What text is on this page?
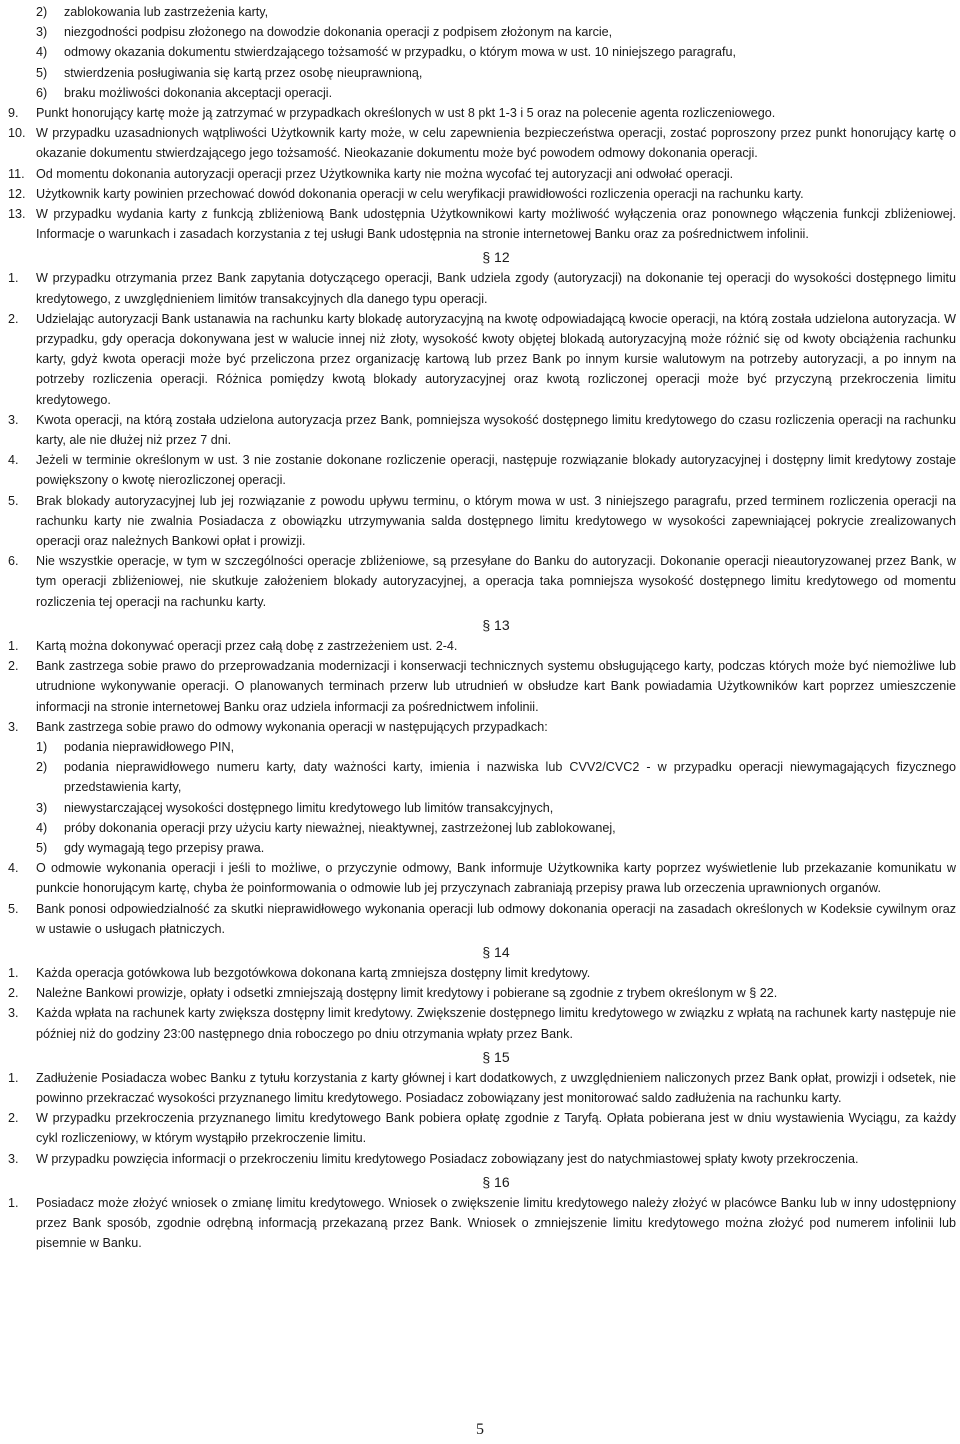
2) zablokowania lub zastrzeżenia karty,
3) niezgodności podpisu złożonego na dowodzie dokonania operacji z podpisem złożonym na karcie,
4) odmowy okazania dokumentu stwierdzającego tożsamość w przypadku, o którym mowa w ust. 10 niniejszego paragrafu,
5) stwierdzenia posługiwania się kartą przez osobę nieuprawnioną,
6) braku możliwości dokonania akceptacji operacji.
9. Punkt honorujący kartę może ją zatrzymać w przypadkach określonych w ust 8 pkt 1-3 i 5 oraz na polecenie agenta rozliczeniowego.
10. W przypadku uzasadnionych wątpliwości Użytkownik karty może, w celu zapewnienia bezpieczeństwa operacji, zostać poproszony przez punkt honorujący kartę o okazanie dokumentu stwierdzającego jego tożsamość. Nieokazanie dokumentu może być powodem odmowy dokonania operacji.
11. Od momentu dokonania autoryzacji operacji przez Użytkownika karty nie można wycofać tej autoryzacji ani odwołać operacji.
12. Użytkownik karty powinien przechować dowód dokonania operacji w celu weryfikacji prawidłowości rozliczenia operacji na rachunku karty.
13. W przypadku wydania karty z funkcją zbliżeniową Bank udostępnia Użytkownikowi karty możliwość wyłączenia oraz ponownego włączenia funkcji zbliżeniowej. Informacje o warunkach i zasadach korzystania z tej usługi Bank udostępnia na stronie internetowej Banku oraz za pośrednictwem infolinii.
§ 12
1. W przypadku otrzymania przez Bank zapytania dotyczącego operacji, Bank udziela zgody (autoryzacji) na dokonanie tej operacji do wysokości dostępnego limitu kredytowego, z uwzględnieniem limitów transakcyjnych dla danego typu operacji.
2. Udzielając autoryzacji Bank ustanawia na rachunku karty blokadę autoryzacyjną na kwotę odpowiadającą kwocie operacji, na którą została udzielona autoryzacja. W przypadku, gdy operacja dokonywana jest w walucie innej niż złoty, wysokość kwoty objętej blokadą autoryzacyjną może różnić się od kwoty obciążenia rachunku karty, gdyż kwota operacji może być przeliczona przez organizację kartową lub przez Bank po innym kursie walutowym na potrzeby autoryzacji, a po innym na potrzeby rozliczenia operacji. Różnica pomiędzy kwotą blokady autoryzacyjnej oraz kwotą rozliczonej operacji może być przyczyną przekroczenia limitu kredytowego.
3. Kwota operacji, na którą została udzielona autoryzacja przez Bank, pomniejsza wysokość dostępnego limitu kredytowego do czasu rozliczenia operacji na rachunku karty, ale nie dłużej niż przez 7 dni.
4. Jeżeli w terminie określonym w ust. 3 nie zostanie dokonane rozliczenie operacji, następuje rozwiązanie blokady autoryzacyjnej i dostępny limit kredytowy zostaje powiększony o kwotę nierozliczonej operacji.
5. Brak blokady autoryzacyjnej lub jej rozwiązanie z powodu upływu terminu, o którym mowa w ust. 3 niniejszego paragrafu, przed terminem rozliczenia operacji na rachunku karty nie zwalnia Posiadacza z obowiązku utrzymywania salda dostępnego limitu kredytowego w wysokości zapewniającej pokrycie zrealizowanych operacji oraz należnych Bankowi opłat i prowizji.
6. Nie wszystkie operacje, w tym w szczególności operacje zbliżeniowe, są przesyłane do Banku do autoryzacji. Dokonanie operacji nieautoryzowanej przez Bank, w tym operacji zbliżeniowej, nie skutkuje założeniem blokady autoryzacyjnej, a operacja taka pomniejsza wysokość dostępnego limitu kredytowego od momentu rozliczenia tej operacji na rachunku karty.
§ 13
1. Kartą można dokonywać operacji przez całą dobę z zastrzeżeniem ust. 2-4.
2. Bank zastrzega sobie prawo do przeprowadzania modernizacji i konserwacji technicznych systemu obsługującego karty, podczas których może być niemożliwe lub utrudnione wykonywanie operacji. O planowanych terminach przerw lub utrudnień w obsłudze kart Bank powiadamia Użytkowników kart poprzez umieszczenie informacji na stronie internetowej Banku oraz udziela informacji za pośrednictwem infolinii.
3. Bank zastrzega sobie prawo do odmowy wykonania operacji w następujących przypadkach:
1) podania nieprawidłowego PIN,
2) podania nieprawidłowego numeru karty, daty ważności karty, imienia i nazwiska lub CVV2/CVC2 - w przypadku operacji niewymagających fizycznego przedstawienia karty,
3) niewystarczającej wysokości dostępnego limitu kredytowego lub limitów transakcyjnych,
4) próby dokonania operacji przy użyciu karty nieważnej, nieaktywnej, zastrzeżonej lub zablokowanej,
5) gdy wymagają tego przepisy prawa.
4. O odmowie wykonania operacji i jeśli to możliwe, o przyczynie odmowy, Bank informuje Użytkownika karty poprzez wyświetlenie lub przekazanie komunikatu w punkcie honorującym kartę, chyba że poinformowania o odmowie lub jej przyczynach zabraniają przepisy prawa lub orzeczenia uprawnionych organów.
5. Bank ponosi odpowiedzialność za skutki nieprawidłowego wykonania operacji lub odmowy dokonania operacji na zasadach określonych w Kodeksie cywilnym oraz w ustawie o usługach płatniczych.
§ 14
1. Każda operacja gotówkowa lub bezgotówkowa dokonana kartą zmniejsza dostępny limit kredytowy.
2. Należne Bankowi prowizje, opłaty i odsetki zmniejszają dostępny limit kredytowy i pobierane są zgodnie z trybem określonym w § 22.
3. Każda wpłata na rachunek karty zwiększa dostępny limit kredytowy. Zwiększenie dostępnego limitu kredytowego w związku z wpłatą na rachunek karty następuje nie później niż do godziny 23:00 następnego dnia roboczego po dniu otrzymania wpłaty przez Bank.
§ 15
1. Zadłużenie Posiadacza wobec Banku z tytułu korzystania z karty głównej i kart dodatkowych, z uwzględnieniem naliczonych przez Bank opłat, prowizji i odsetek, nie powinno przekraczać wysokości przyznanego limitu kredytowego. Posiadacz zobowiązany jest monitorować saldo zadłużenia na rachunku karty.
2. W przypadku przekroczenia przyznanego limitu kredytowego Bank pobiera opłatę zgodnie z Taryfą. Opłata pobierana jest w dniu wystawienia Wyciągu, za każdy cykl rozliczeniowy, w którym wystąpiło przekroczenie limitu.
3. W przypadku powzięcia informacji o przekroczeniu limitu kredytowego Posiadacz zobowiązany jest do natychmiastowej spłaty kwoty przekroczenia.
§ 16
1. Posiadacz może złożyć wniosek o zmianę limitu kredytowego. Wniosek o zwiększenie limitu kredytowego należy złożyć w placówce Banku lub w inny udostępniony przez Bank sposób, zgodnie odrębną informacją przekazaną przez Bank. Wniosek o zmniejszenie limitu kredytowego można złożyć pod numerem infolinii lub pisemnie w Banku.
5
